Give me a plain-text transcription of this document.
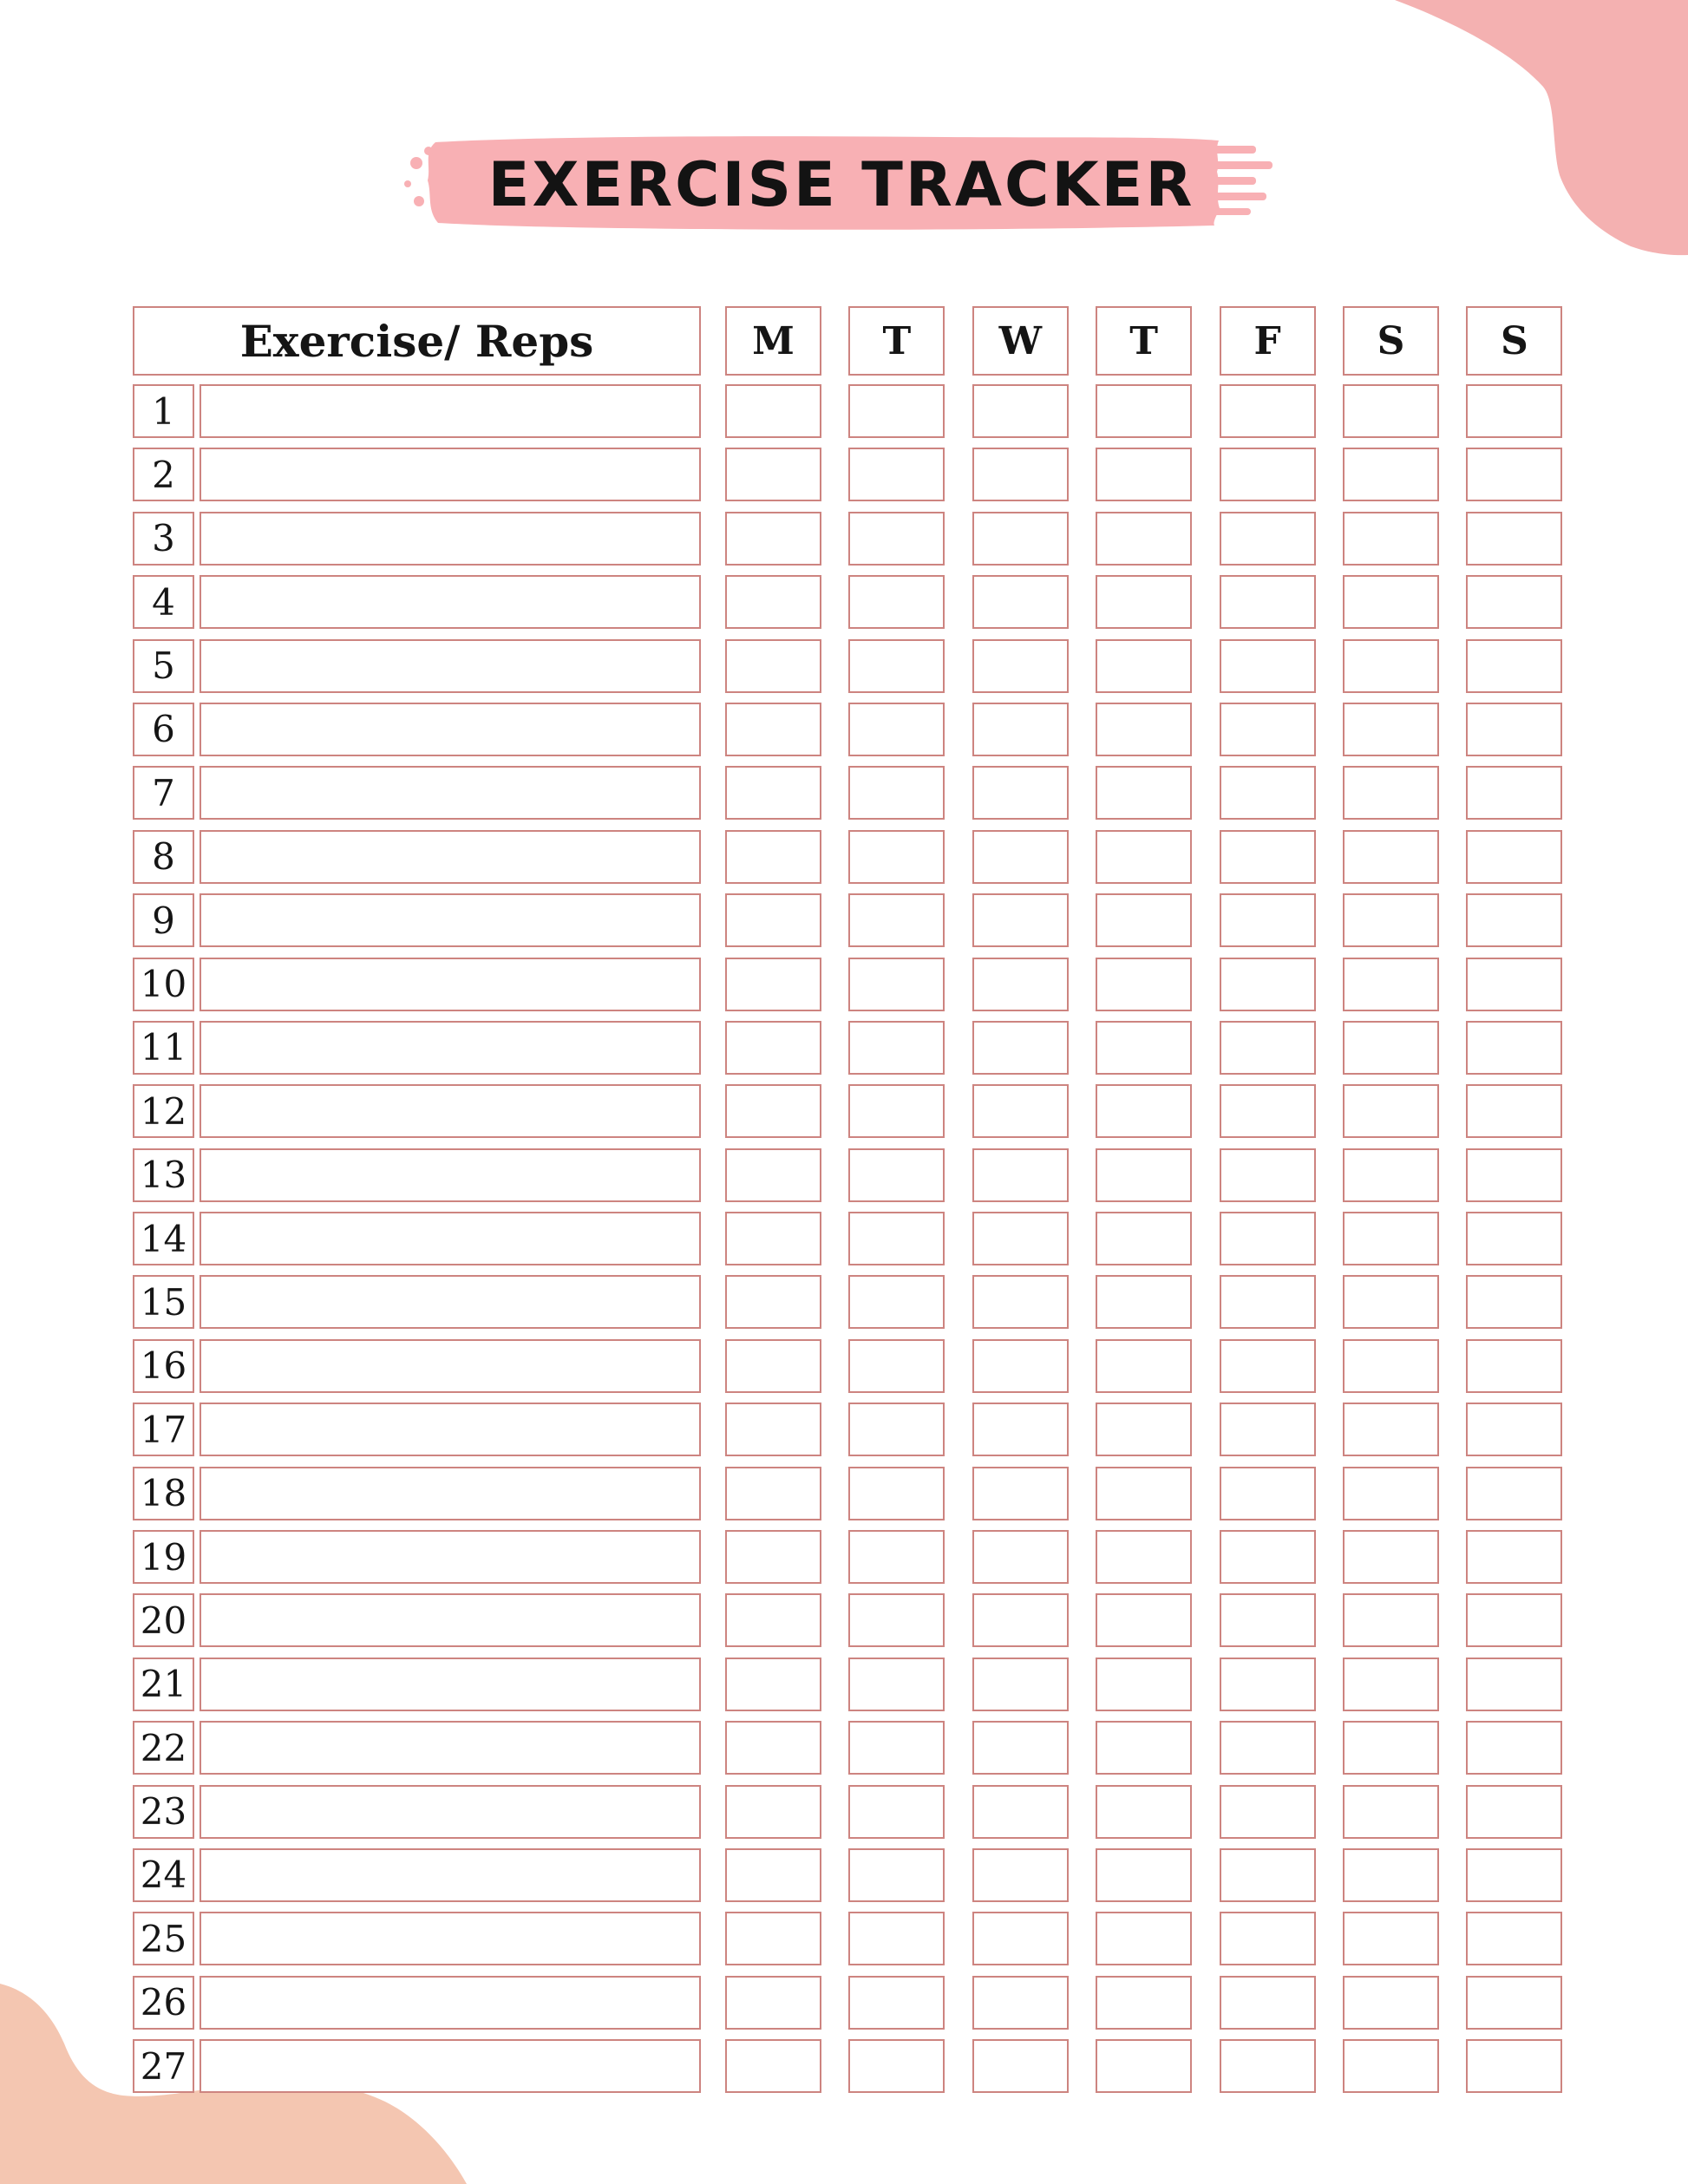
EXERCISE TRACKER
Exercise/ Reps	M	T	W	T	F	S	S
1
2
3
4
5
6
7
8
9
10
11
12
13
14
15
16
17
18
19
20
21
22
23
24
25
26
27
